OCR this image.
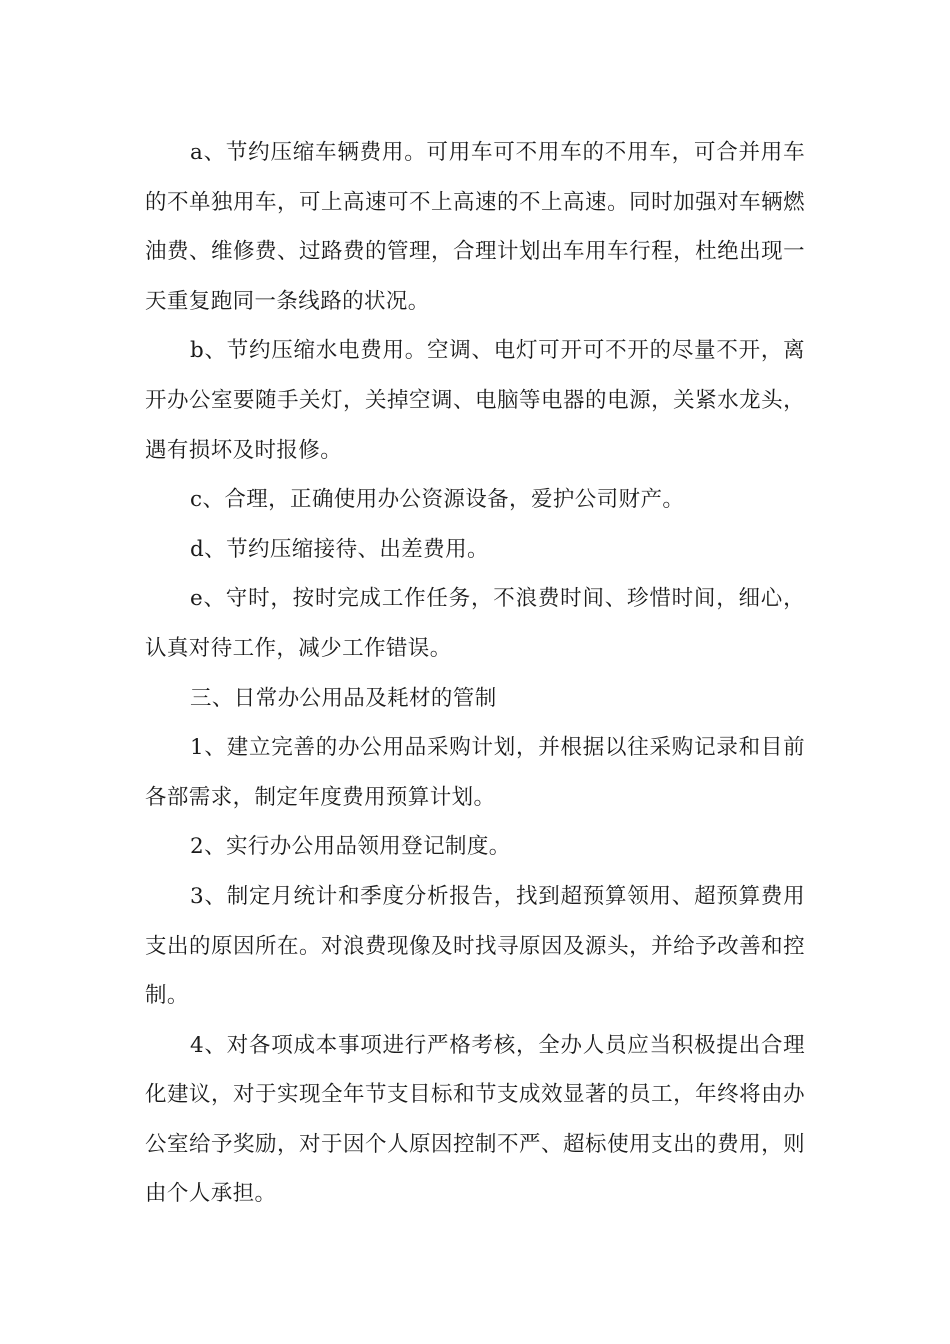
a、节约压缩车辆费用。可用车可不用车的不用车，可合并用车的不单独用车，可上高速可不上高速的不上高速。同时加强对车辆燃油费、维修费、过路费的管理，合理计划出车用车行程，杜绝出现一天重复跑同一条线路的状况。

b、节约压缩水电费用。空调、电灯可开可不开的尽量不开，离开办公室要随手关灯，关掉空调、电脑等电器的电源，关紧水龙头，遇有损坏及时报修。

c、合理，正确使用办公资源设备，爱护公司财产。

d、节约压缩接待、出差费用。

e、守时，按时完成工作任务，不浪费时间、珍惜时间，细心，认真对待工作，减少工作错误。

三、日常办公用品及耗材的管制

1、建立完善的办公用品采购计划，并根据以往采购记录和目前各部需求，制定年度费用预算计划。

2、实行办公用品领用登记制度。

3、制定月统计和季度分析报告，找到超预算领用、超预算费用支出的原因所在。对浪费现像及时找寻原因及源头，并给予改善和控制。

4、对各项成本事项进行严格考核，全办人员应当积极提出合理化建议，对于实现全年节支目标和节支成效显著的员工，年终将由办公室给予奖励，对于因个人原因控制不严、超标使用支出的费用，则由个人承担。
